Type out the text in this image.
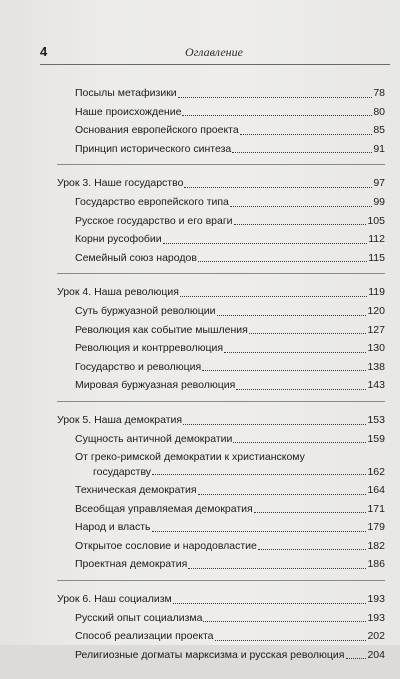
4	Оглавление
Посылы метафизики	78
Наше происхождение	80
Основания европейского проекта	85
Принцип исторического синтеза	91
Урок 3. Наше государство	97
Государство европейского типа	99
Русское государство и его враги	105
Корни русофобии	112
Семейный союз народов	115
Урок 4. Наша революция	119
Суть буржуазной революции	120
Революция как событие мышления	127
Революция и контрреволюция	130
Государство и революция	138
Мировая буржуазная революция	143
Урок 5. Наша демократия	153
Сущность античной демократии	159
От греко-римской демократии к христианскому
государству	162
Техническая демократия	164
Всеобщая управляемая демократия	171
Народ и власть	179
Открытое сословие и народовластие	182
Проектная демократия	186
Урок 6. Наш социализм	193
Русский опыт социализма	193
Способ реализации проекта	202
Религиозные догматы марксизма и русская революция 204
